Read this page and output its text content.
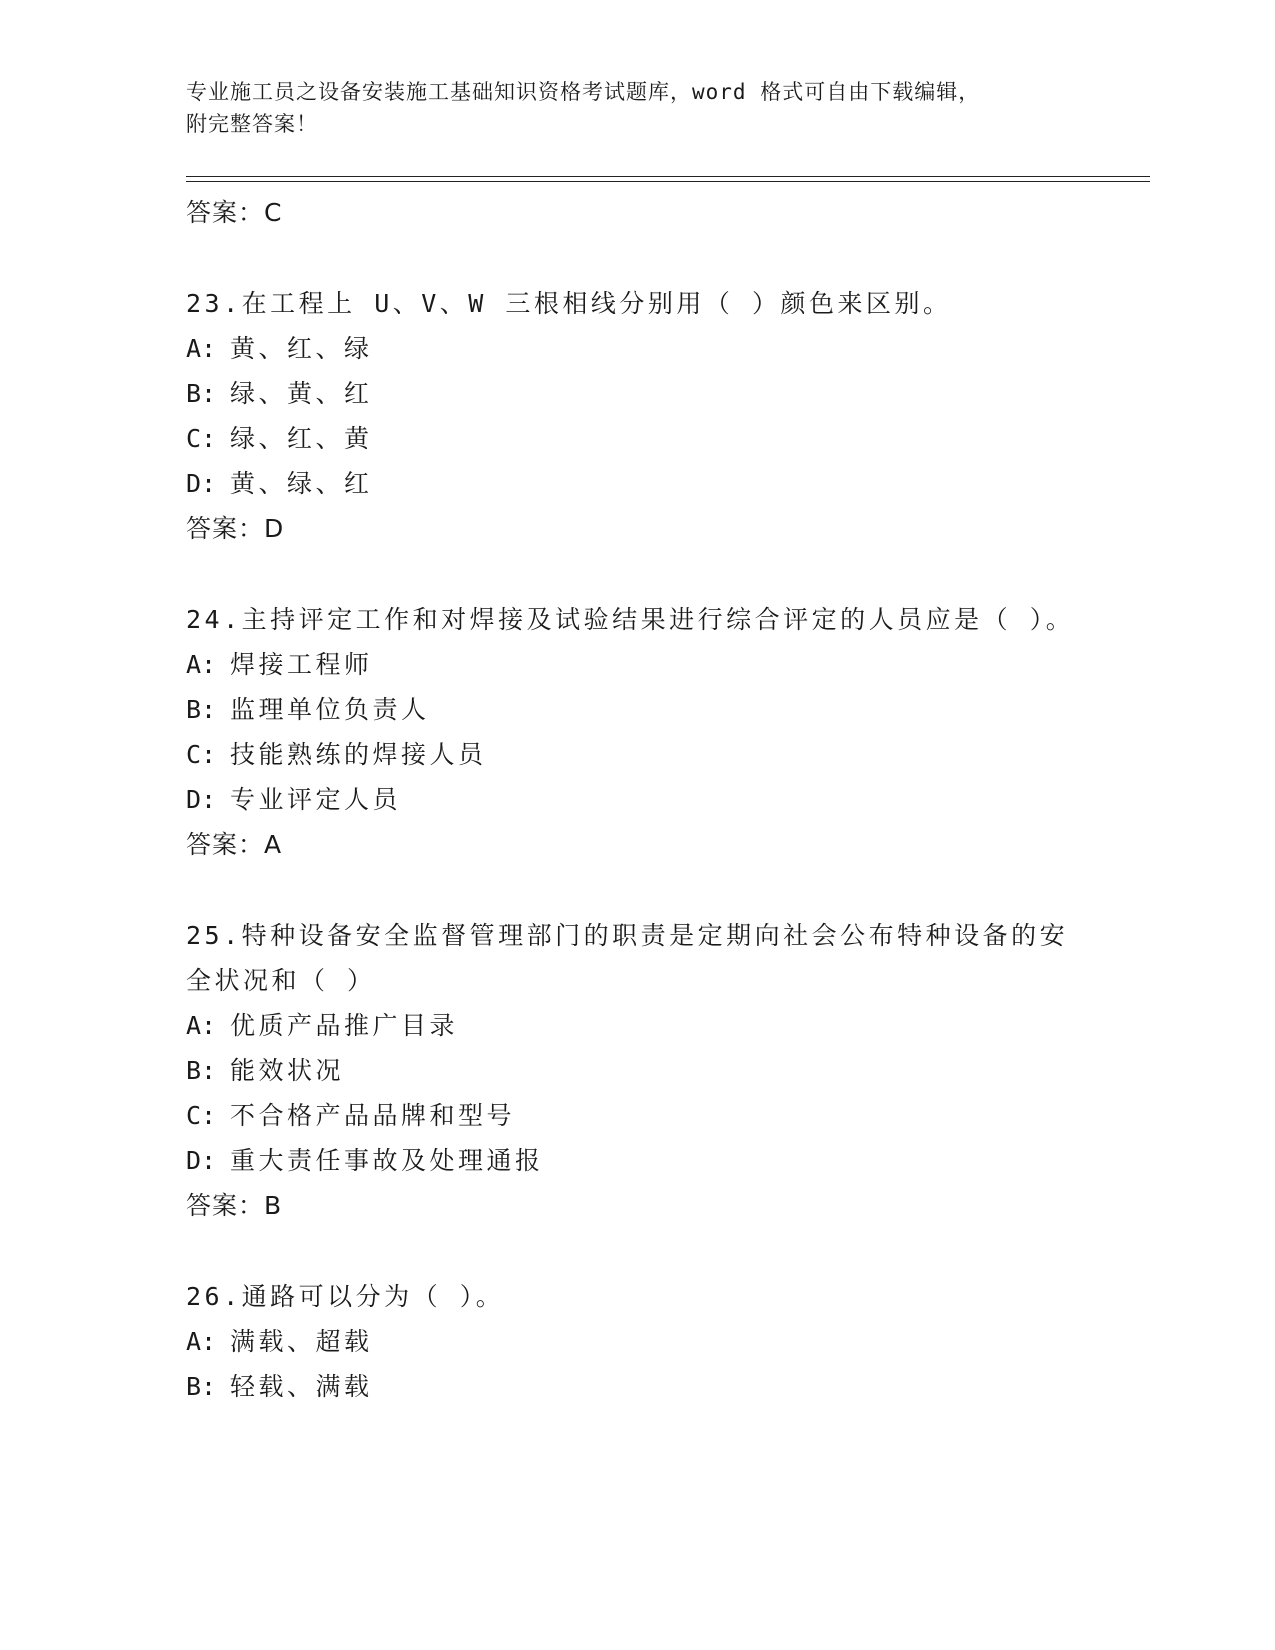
专业施工员之设备安装施工基础知识资格考试题库，word 格式可自由下载编辑，
附完整答案！
答案：C
23.在工程上 U、V、W 三根相线分别用（ ）颜色来区别。
A: 黄、红、绿
B: 绿、黄、红
C: 绿、红、黄
D: 黄、绿、红
答案：D
24.主持评定工作和对焊接及试验结果进行综合评定的人员应是（ ）。
A: 焊接工程师
B: 监理单位负责人
C: 技能熟练的焊接人员
D: 专业评定人员
答案：A
25.特种设备安全监督管理部门的职责是定期向社会公布特种设备的安全状况和（ ）
A: 优质产品推广目录
B: 能效状况
C: 不合格产品品牌和型号
D: 重大责任事故及处理通报
答案：B
26.通路可以分为（ ）。
A: 满载、超载
B: 轻载、满载
